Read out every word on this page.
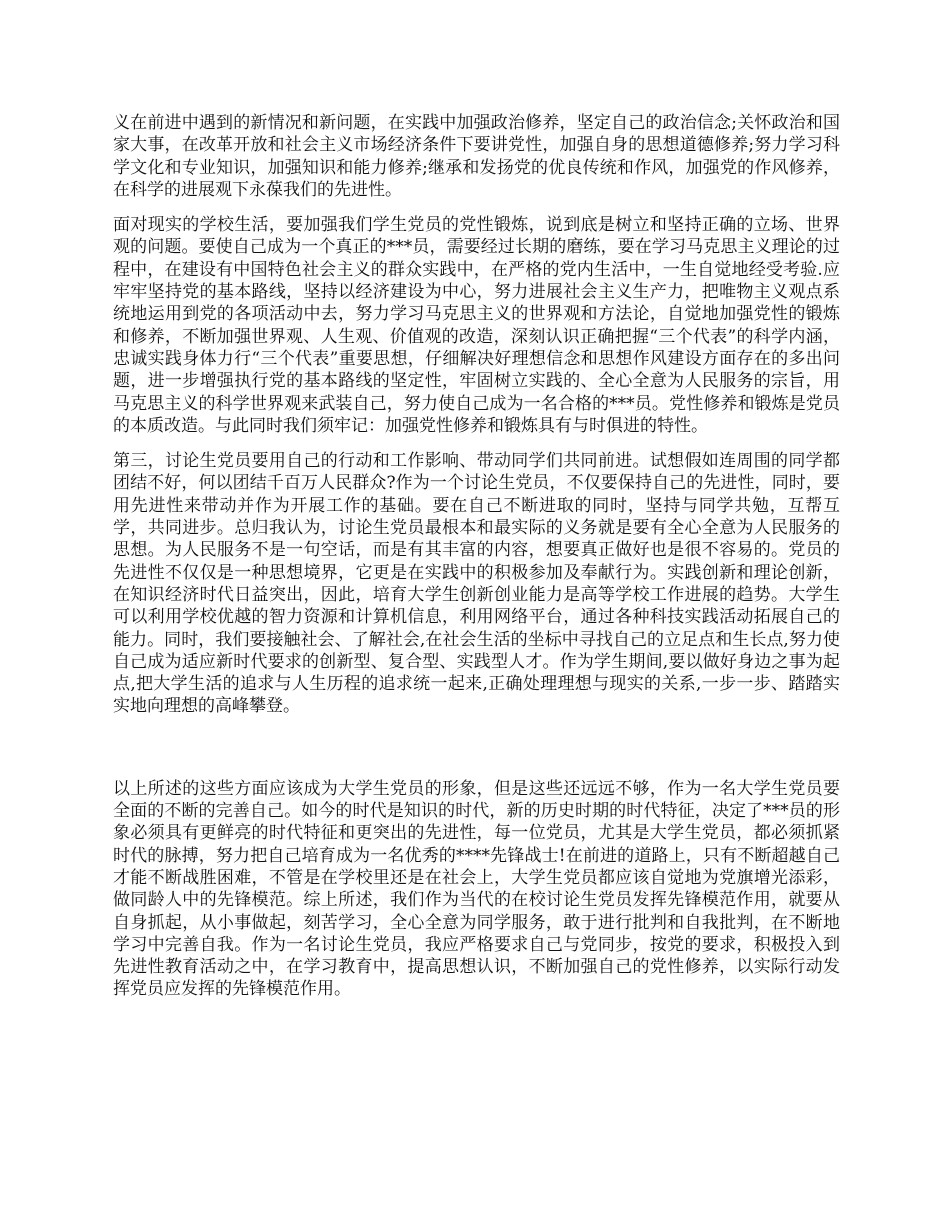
义在前进中遇到的新情况和新问题，在实践中加强政治修养，坚定自己的政治信念;关怀政治和国家大事，在改革开放和社会主义市场经济条件下要讲党性，加强自身的思想道德修养;努力学习科学文化和专业知识，加强知识和能力修养;继承和发扬党的优良传统和作风，加强党的作风修养，在科学的进展观下永葆我们的先进性。

面对现实的学校生活，要加强我们学生党员的党性锻炼，说到底是树立和坚持正确的立场、世界观的问题。要使自己成为一个真正的***员，需要经过长期的磨练，要在学习马克思主义理论的过程中，在建设有中国特色社会主义的群众实践中，在严格的党内生活中，一生自觉地经受考验.应牢牢坚持党的基本路线，坚持以经济建设为中心，努力进展社会主义生产力，把唯物主义观点系统地运用到党的各项活动中去，努力学习马克思主义的世界观和方法论，自觉地加强党性的锻炼和修养，不断加强世界观、人生观、价值观的改造，深刻认识正确把握“三个代表”的科学内涵，忠诚实践身体力行“三个代表”重要思想，仔细解决好理想信念和思想作风建设方面存在的多出问题，进一步增强执行党的基本路线的坚定性，牢固树立实践的、全心全意为人民服务的宗旨，用马克思主义的科学世界观来武装自己，努力使自己成为一名合格的***员。党性修养和锻炼是党员的本质改造。与此同时我们须牢记：加强党性修养和锻炼具有与时俱进的特性。

第三，讨论生党员要用自己的行动和工作影响、带动同学们共同前进。试想假如连周围的同学都团结不好，何以团结千百万人民群众?作为一个讨论生党员，不仅要保持自己的先进性，同时，要用先进性来带动并作为开展工作的基础。要在自己不断进取的同时，坚持与同学共勉，互帮互学，共同进步。总归我认为，讨论生党员最根本和最实际的义务就是要有全心全意为人民服务的思想。为人民服务不是一句空话，而是有其丰富的内容，想要真正做好也是很不容易的。党员的先进性不仅仅是一种思想境界，它更是在实践中的积极参加及奉献行为。实践创新和理论创新，在知识经济时代日益突出，因此，培育大学生创新创业能力是高等学校工作进展的趋势。大学生可以利用学校优越的智力资源和计算机信息，利用网络平台，通过各种科技实践活动拓展自己的能力。同时，我们要接触社会、了解社会,在社会生活的坐标中寻找自己的立足点和生长点,努力使自己成为适应新时代要求的创新型、复合型、实践型人才。作为学生期间,要以做好身边之事为起点,把大学生活的追求与人生历程的追求统一起来,正确处理理想与现实的关系,一步一步、踏踏实实地向理想的高峰攀登。

以上所述的这些方面应该成为大学生党员的形象，但是这些还远远不够，作为一名大学生党员要全面的不断的完善自己。如今的时代是知识的时代，新的历史时期的时代特征，决定了***员的形象必须具有更鲜亮的时代特征和更突出的先进性，每一位党员，尤其是大学生党员，都必须抓紧时代的脉搏，努力把自己培育成为一名优秀的****先锋战士!在前进的道路上，只有不断超越自己才能不断战胜困难，不管是在学校里还是在社会上，大学生党员都应该自觉地为党旗增光添彩，做同龄人中的先锋模范。综上所述，我们作为当代的在校讨论生党员发挥先锋模范作用，就要从自身抓起，从小事做起，刻苦学习，全心全意为同学服务，敢于进行批判和自我批判，在不断地学习中完善自我。作为一名讨论生党员，我应严格要求自己与党同步，按党的要求，积极投入到先进性教育活动之中，在学习教育中，提高思想认识，不断加强自己的党性修养，以实际行动发挥党员应发挥的先锋模范作用。
